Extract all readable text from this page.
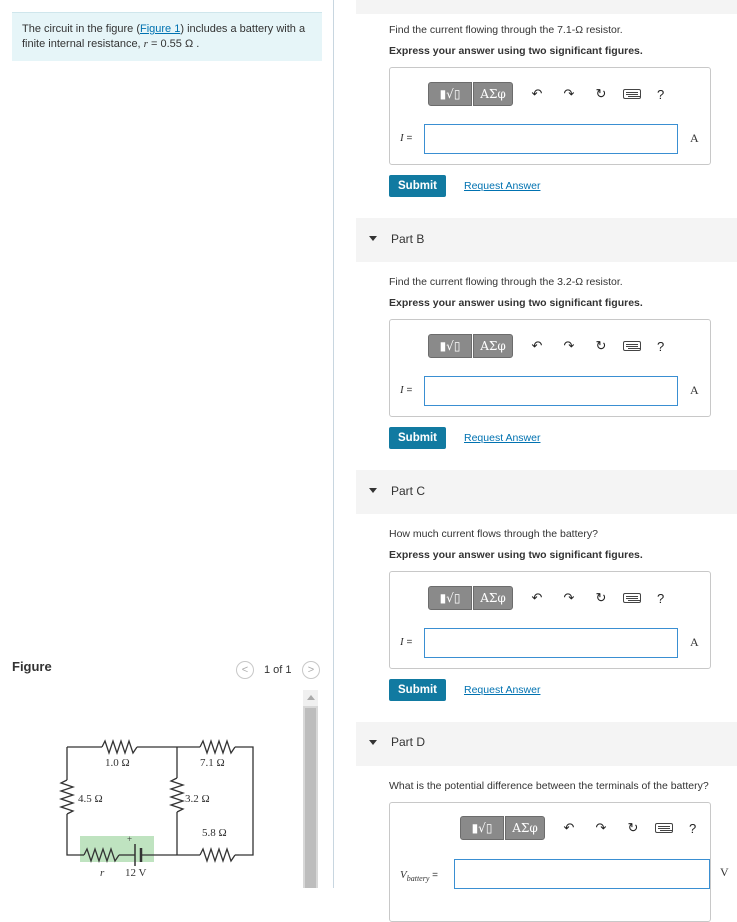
The circuit in the figure (Figure 1) includes a battery with a finite internal resistance, r = 0.55 Ω .
Figure	<	1 of 1	>
1.0 Ω	7.1 Ω
4.5 Ω	3.2 Ω
5.8 Ω
+
r 12 V
Find the current flowing through the 7.1-Ω resistor.
Express your answer using two significant figures.
▮√▯	ΑΣφ	↶ ↷ ↻	?
I =	A
Submit	Request Answer
Part B
Find the current flowing through the 3.2-Ω resistor.
Express your answer using two significant figures.
▮√▯	ΑΣφ	↶ ↷ ↻	?
I =	A
Submit	Request Answer
Part C
How much current flows through the battery?
Express your answer using two significant figures.
▮√▯	ΑΣφ	↶ ↷ ↻	?
I =	A
Submit	Request Answer
Part D
What is the potential difference between the terminals of the battery?
▮√▯	ΑΣφ	↶ ↷ ↻	?
$V_{battery}$ =	V
